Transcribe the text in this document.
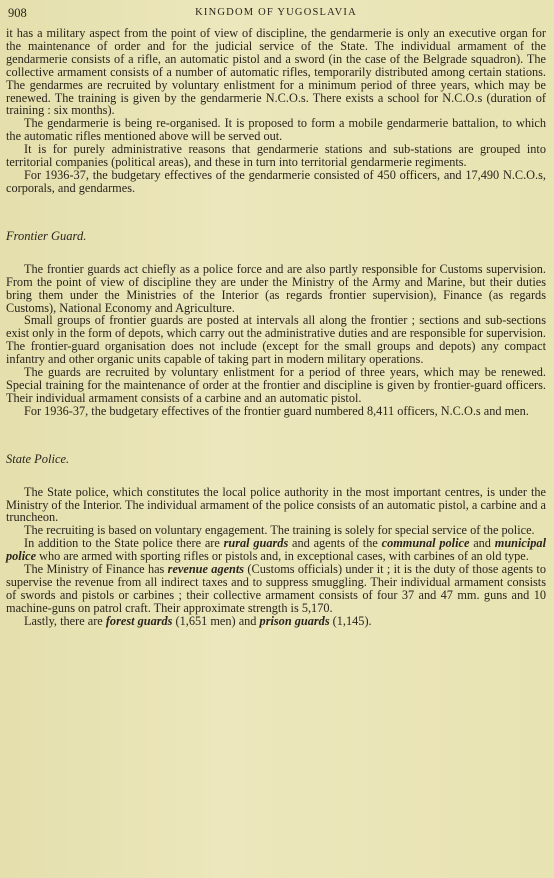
908	KINGDOM OF YUGOSLAVIA

it has a military aspect from the point of view of discipline, the gendarmerie is only an executive organ for the maintenance of order and for the judicial service of the State. The individual armament of the gendarmerie consists of a rifle, an automatic pistol and a sword (in the case of the Belgrade squadron). The collective armament consists of a number of automatic rifles, temporarily distributed among certain stations. The gendarmes are recruited by voluntary enlistment for a minimum period of three years, which may be renewed. The training is given by the gendarmerie N.C.O.s. There exists a school for N.C.O.s (duration of training : six months).

The gendarmerie is being re-organised. It is proposed to form a mobile gendarmerie battalion, to which the automatic rifles mentioned above will be served out.

It is for purely administrative reasons that gendarmerie stations and sub-stations are grouped into territorial companies (political areas), and these in turn into territorial gendarmerie regiments.

For 1936-37, the budgetary effectives of the gendarmerie consisted of 450 officers, and 17,490 N.C.O.s, corporals, and gendarmes.

Frontier Guard.

The frontier guards act chiefly as a police force and are also partly responsible for Customs supervision. From the point of view of discipline they are under the Ministry of the Army and Marine, but their duties bring them under the Ministries of the Interior (as regards frontier supervision), Finance (as regards Customs), National Economy and Agriculture.

Small groups of frontier guards are posted at intervals all along the frontier ; sections and sub-sections exist only in the form of depots, which carry out the administrative duties and are responsible for supervision. The frontier-guard organisation does not include (except for the small groups and depots) any compact infantry and other organic units capable of taking part in modern military operations.

The guards are recruited by voluntary enlistment for a period of three years, which may be renewed. Special training for the maintenance of order at the frontier and discipline is given by frontier-guard officers. Their individual armament consists of a carbine and an automatic pistol.

For 1936-37, the budgetary effectives of the frontier guard numbered 8,411 officers, N.C.O.s and men.

State Police.

The State police, which constitutes the local police authority in the most important centres, is under the Ministry of the Interior. The individual armament of the police consists of an automatic pistol, a carbine and a truncheon.

The recruiting is based on voluntary engagement. The training is solely for special service of the police.

In addition to the State police there are rural guards and agents of the communal police and municipal police who are armed with sporting rifles or pistols and, in exceptional cases, with carbines of an old type.

The Ministry of Finance has revenue agents (Customs officials) under it ; it is the duty of those agents to supervise the revenue from all indirect taxes and to suppress smuggling. Their individual armament consists of swords and pistols or carbines ; their collective armament consists of four 37 and 47 mm. guns and 10 machine-guns on patrol craft. Their approximate strength is 5,170.

Lastly, there are forest guards (1,651 men) and prison guards (1,145).
